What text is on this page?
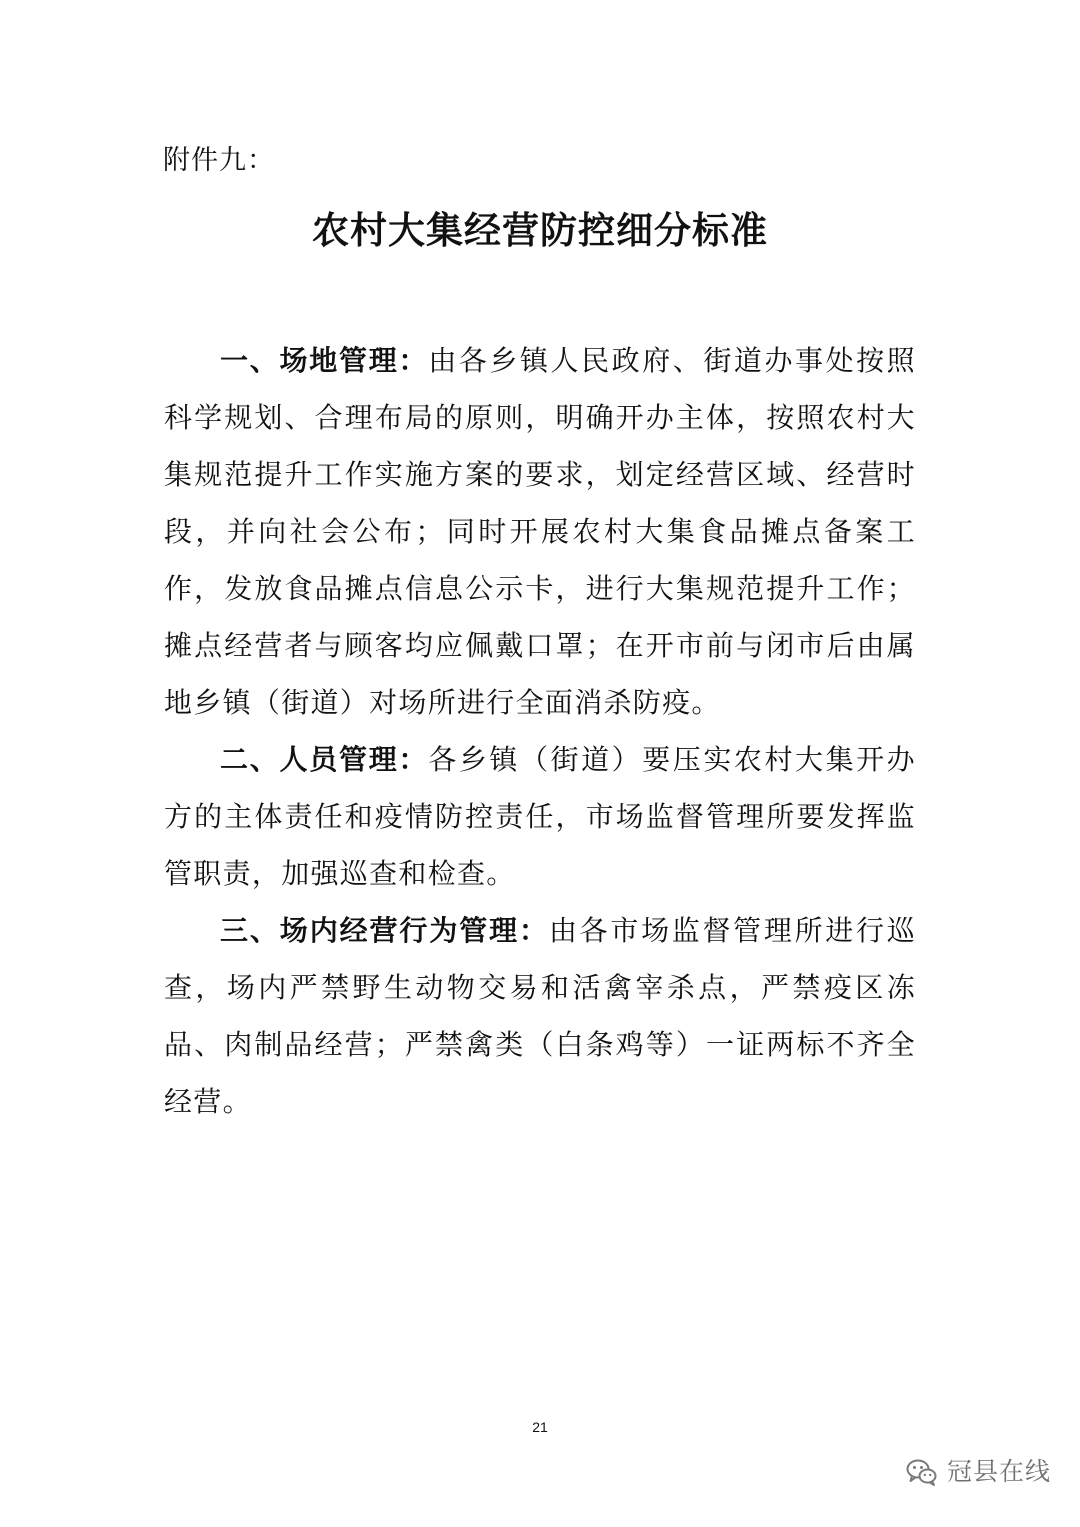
附件九：
农村大集经营防控细分标准

一、场地管理：由各乡镇人民政府、街道办事处按照科学规划、合理布局的原则，明确开办主体，按照农村大集规范提升工作实施方案的要求，划定经营区域、经营时段，并向社会公布；同时开展农村大集食品摊点备案工作，发放食品摊点信息公示卡，进行大集规范提升工作；摊点经营者与顾客均应佩戴口罩；在开市前与闭市后由属地乡镇（街道）对场所进行全面消杀防疫。

二、人员管理：各乡镇（街道）要压实农村大集开办方的主体责任和疫情防控责任，市场监督管理所要发挥监管职责，加强巡查和检查。

三、场内经营行为管理：由各市场监督管理所进行巡查，场内严禁野生动物交易和活禽宰杀点，严禁疫区冻品、肉制品经营；严禁禽类（白条鸡等）一证两标不齐全经营。

21
冠县在线
